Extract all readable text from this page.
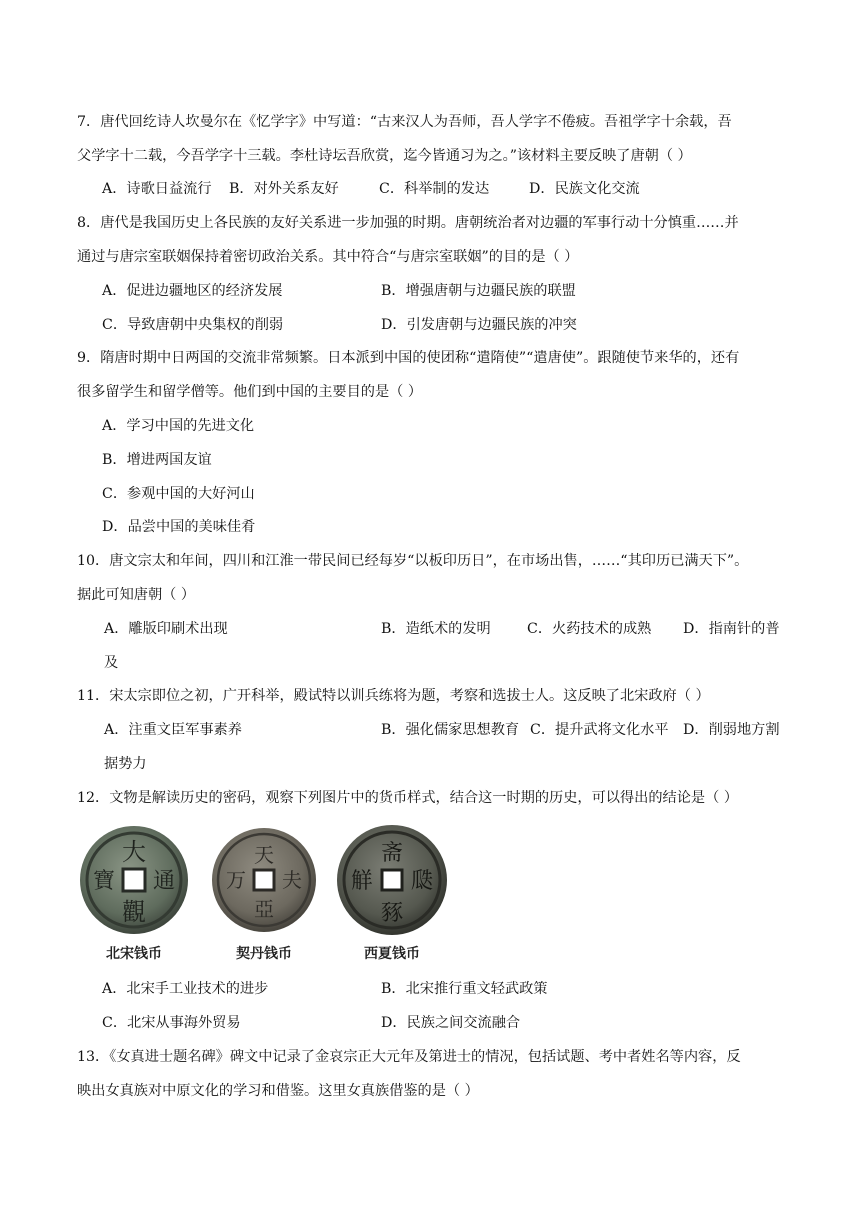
7．唐代回纥诗人坎曼尔在《忆学字》中写道：“古来汉人为吾师，吾人学字不倦疲。吾祖学字十余载，吾
父学字十二载，今吾学字十三载。李杜诗坛吾欣赏，迄今皆通习为之。”该材料主要反映了唐朝（ ）
A．诗歌日益流行 B．对外关系友好	C．科举制的发达	D．民族文化交流
8．唐代是我国历史上各民族的友好关系进一步加强的时期。唐朝统治者对边疆的军事行动十分慎重……并
通过与唐宗室联姻保持着密切政治关系。其中符合“与唐宗室联姻”的目的是（ ）
A．促进边疆地区的经济发展	B．增强唐朝与边疆民族的联盟
C．导致唐朝中央集权的削弱	D．引发唐朝与边疆民族的冲突
9．隋唐时期中日两国的交流非常频繁。日本派到中国的使团称“遣隋使”“遣唐使”。跟随使节来华的，还有
很多留学生和留学僧等。他们到中国的主要目的是（ ）
A．学习中国的先进文化
B．增进两国友谊
C．参观中国的大好河山
D．品尝中国的美味佳肴
10．唐文宗太和年间，四川和江淮一带民间已经每岁“以板印历日”，在市场出售，……“其印历已满天下”。
据此可知唐朝（ ）
A．雕版印刷术出现	B．造纸术的发明	C．火药技术的成熟 D．指南针的普
及
11．宋太宗即位之初，广开科举，殿试特以训兵练将为题，考察和选拔士人。这反映了北宋政府（ ）
A．注重文臣军事素养	B．强化儒家思想教育 C．提升武将文化水平 D．削弱地方割
据势力
12．文物是解读历史的密码，观察下列图片中的货币样式，结合这一时期的历史，可以得出的结论是（ ）
大
通
觀
寶
北宋钱币
天
夫
亞
万
契丹钱币
斋
瓞
豩
觧
西夏钱币
A．北宋手工业技术的进步	B．北宋推行重文轻武政策
C．北宋从事海外贸易	D．民族之间交流融合
13．《女真进士题名碑》碑文中记录了金哀宗正大元年及第进士的情况，包括试题、考中者姓名等内容，反
映出女真族对中原文化的学习和借鉴。这里女真族借鉴的是（ ）
